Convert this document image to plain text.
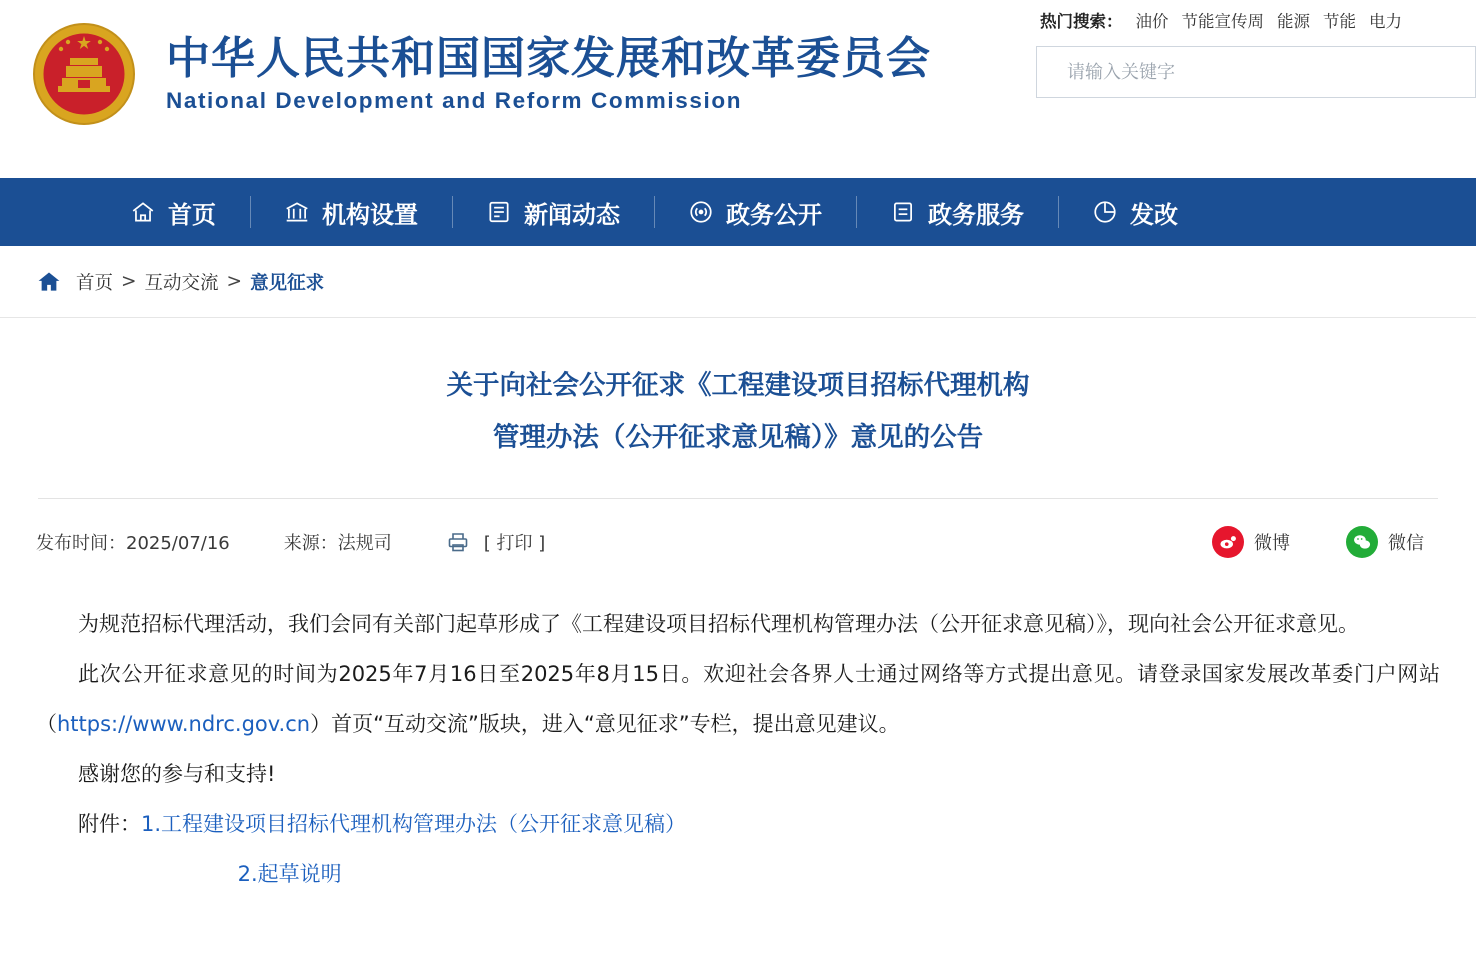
中华人民共和国国家发展和改革委员会
National Development and Reform Commission
热门搜索： 油价 节能宣传周 能源 节能 电力
请输入关键字
首页	机构设置	新闻动态	政务公开	政务服务	发改
首页 > 互动交流 > 意见征求
关于向社会公开征求《工程建设项目招标代理机构
管理办法（公开征求意见稿）》意见的公告
发布时间：2025/07/16	来源：法规司	[ 打印 ]	微博	微信

为规范招标代理活动，我们会同有关部门起草形成了《工程建设项目招标代理机构管理办法（公开征求意见稿）》，现向社会公开征求意见。

此次公开征求意见的时间为2025年7月16日至2025年8月15日。欢迎社会各界人士通过网络等方式提出意见。请登录国家发展改革委门户网站（https://www.ndrc.gov.cn）首页“互动交流”版块，进入“意见征求”专栏，提出意见建议。

感谢您的参与和支持!

附件： 1.工程建设项目招标代理机构管理办法（公开征求意见稿）
2.起草说明
